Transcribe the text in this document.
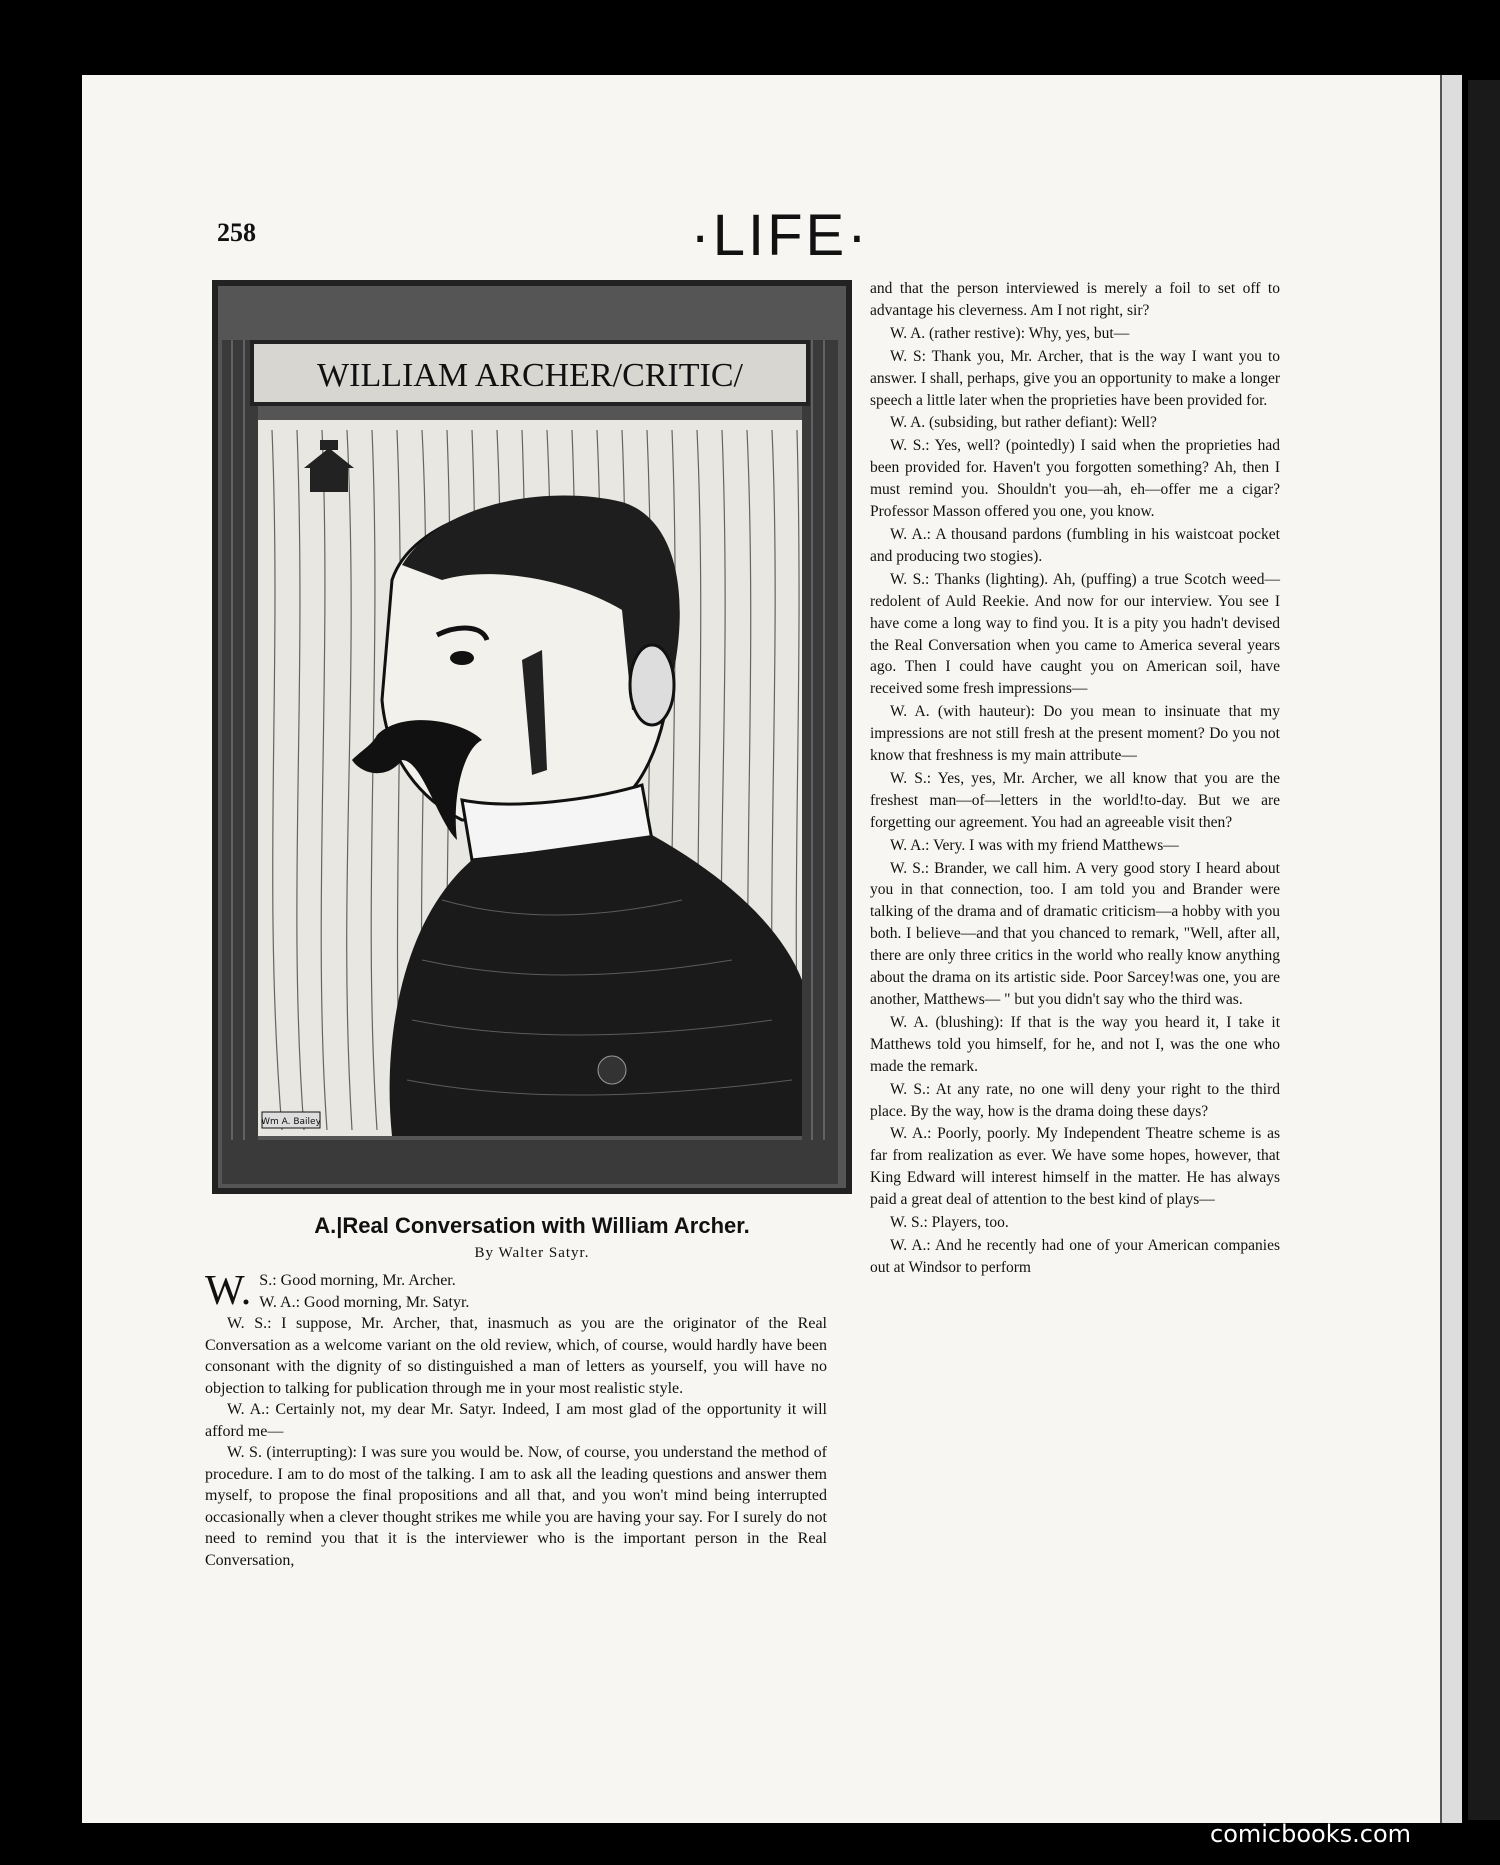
258	·LIFE·
WILLIAM ARCHER/CRITIC/
Wm A. Bailey
A.|Real Conversation with William Archer.
By Walter Satyr.

W. S.: Good morning, Mr. Archer.

W. A.: Good morning, Mr. Satyr.

W. S.: I suppose, Mr. Archer, that, inasmuch as you are the originator of the Real Conversation as a welcome variant on the old review, which, of course, would hardly have been consonant with the dignity of so distinguished a man of letters as yourself, you will have no objection to talking for publication through me in your most realistic style.

W. A.: Certainly not, my dear Mr. Satyr. Indeed, I am most glad of the opportunity it will afford me—

W. S. (interrupting): I was sure you would be. Now, of course, you understand the method of procedure. I am to do most of the talking. I am to ask all the leading questions and answer them myself, to propose the final propositions and all that, and you won't mind being interrupted occasionally when a clever thought strikes me while you are having your say. For I surely do not need to remind you that it is the interviewer who is the important person in the Real Conversation,

and that the person interviewed is merely a foil to set off to advantage his cleverness. Am I not right, sir?

W. A. (rather restive): Why, yes, but—

W. S: Thank you, Mr. Archer, that is the way I want you to answer. I shall, perhaps, give you an opportunity to make a longer speech a little later when the proprieties have been provided for.

W. A. (subsiding, but rather defiant): Well?

W. S.: Yes, well? (pointedly) I said when the proprieties had been provided for. Haven't you forgotten something? Ah, then I must remind you. Shouldn't you—ah, eh—offer me a cigar? Professor Masson offered you one, you know.

W. A.: A thousand pardons (fumbling in his waistcoat pocket and producing two stogies).

W. S.: Thanks (lighting). Ah, (puffing) a true Scotch weed—redolent of Auld Reekie. And now for our interview. You see I have come a long way to find you. It is a pity you hadn't devised the Real Conversation when you came to America several years ago. Then I could have caught you on American soil, have received some fresh impressions—

W. A. (with hauteur): Do you mean to insinuate that my impressions are not still fresh at the present moment? Do you not know that freshness is my main attribute—

W. S.: Yes, yes, Mr. Archer, we all know that you are the freshest man—of—letters in the world!to-day. But we are forgetting our agreement. You had an agreeable visit then?

W. A.: Very. I was with my friend Matthews—

W. S.: Brander, we call him. A very good story I heard about you in that connection, too. I am told you and Brander were talking of the drama and of dramatic criticism—a hobby with you both. I believe—and that you chanced to remark, "Well, after all, there are only three critics in the world who really know anything about the drama on its artistic side. Poor Sarcey!was one, you are another, Matthews— " but you didn't say who the third was.

W. A. (blushing): If that is the way you heard it, I take it Matthews told you himself, for he, and not I, was the one who made the remark.

W. S.: At any rate, no one will deny your right to the third place. By the way, how is the drama doing these days?

W. A.: Poorly, poorly. My Independent Theatre scheme is as far from realization as ever. We have some hopes, however, that King Edward will interest himself in the matter. He has always paid a great deal of attention to the best kind of plays—

W. S.: Players, too.

W. A.: And he recently had one of your American companies out at Windsor to perform

comicbooks.com
